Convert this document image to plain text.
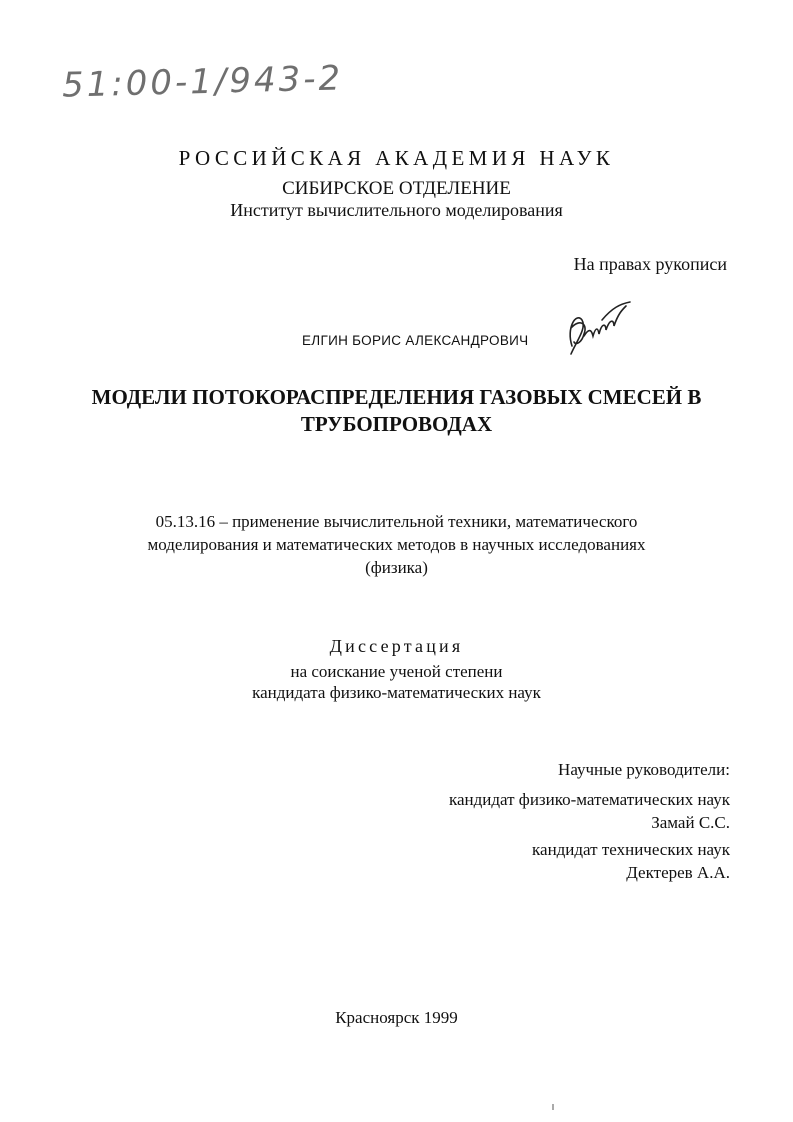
51:00-1/943-2
РОССИЙСКАЯ АКАДЕМИЯ НАУК
СИБИРСКОЕ ОТДЕЛЕНИЕ
Институт вычислительного моделирования
На правах рукописи
ЕЛГИН БОРИС АЛЕКСАНДРОВИЧ
МОДЕЛИ ПОТОКОРАСПРЕДЕЛЕНИЯ ГАЗОВЫХ СМЕСЕЙ В
ТРУБОПРОВОДАХ
05.13.16 – применение вычислительной техники, математического
моделирования и математических методов в научных исследованиях
(физика)
Диссертация
на соискание ученой степени
кандидата физико-математических наук
Научные руководители:
кандидат физико-математических наук
Замай С.С.
кандидат технических наук
Дектерев А.А.
Красноярск 1999
